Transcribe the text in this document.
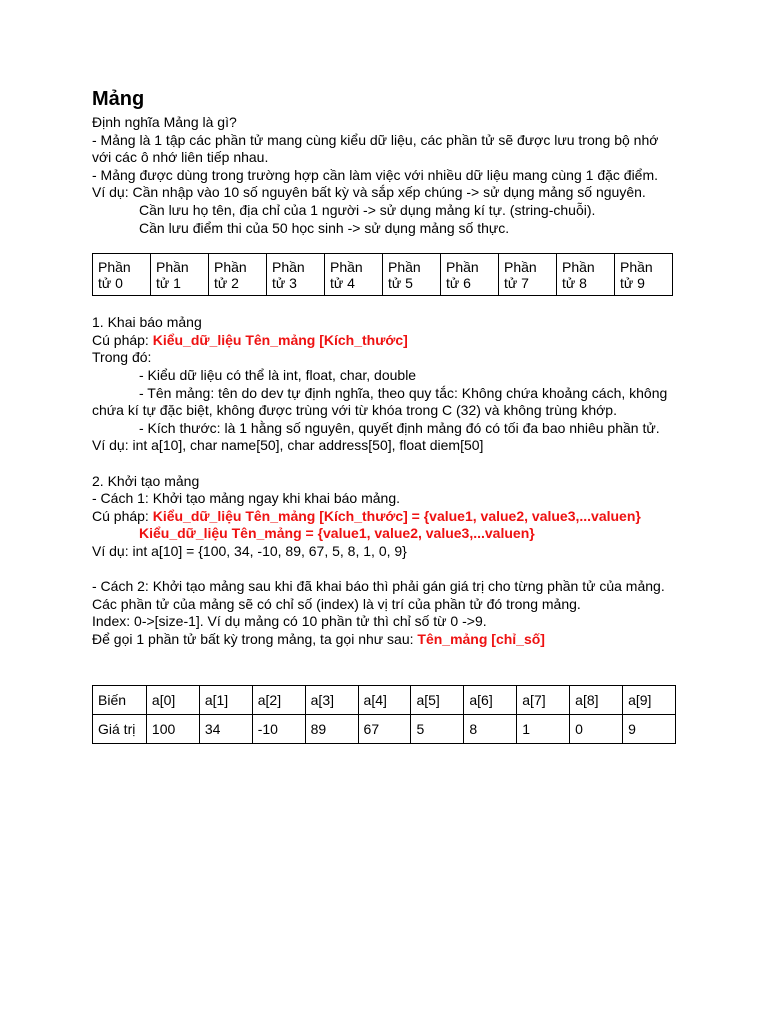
Mảng
Định nghĩa Mảng là gì?
- Mảng là 1 tập các phần tử mang cùng kiểu dữ liệu, các phần tử sẽ được lưu trong bộ nhớ
với các ô nhớ liên tiếp nhau.
- Mảng được dùng trong trường hợp cần làm việc với nhiều dữ liệu mang cùng 1 đặc điểm.
Ví dụ: Cần nhập vào 10 số nguyên bất kỳ và sắp xếp chúng -> sử dụng mảng số nguyên.
Cần lưu họ tên, địa chỉ của 1 người -> sử dụng mảng kí tự. (string-chuỗi).
Cần lưu điểm thi của 50 học sinh -> sử dụng mảng số thực.
Phần
tử 0	Phần
tử 1	Phần
tử 2	Phần
tử 3	Phần
tử 4	Phần
tử 5	Phần
tử 6	Phần
tử 7	Phần
tử 8	Phần
tử 9
1. Khai báo mảng
Cú pháp: Kiểu_dữ_liệu Tên_mảng [Kích_thước]
Trong đó:
- Kiểu dữ liệu có thể là int, float, char, double
- Tên mảng: tên do dev tự định nghĩa, theo quy tắc: Không chứa khoảng cách, không
chứa kí tự đặc biệt, không được trùng với từ khóa trong C (32) và không trùng khớp.
- Kích thước: là 1 hằng số nguyên, quyết định mảng đó có tối đa bao nhiêu phần tử.
Ví dụ: int a[10], char name[50], char address[50], float diem[50]
2. Khởi tạo mảng
- Cách 1: Khởi tạo mảng ngay khi khai báo mảng.
Cú pháp: Kiểu_dữ_liệu Tên_mảng [Kích_thước] = {value1, value2, value3,...valuen}
Kiểu_dữ_liệu Tên_mảng = {value1, value2, value3,...valuen}
Ví dụ: int a[10] = {100, 34, -10, 89, 67, 5, 8, 1, 0, 9}
- Cách 2: Khởi tạo mảng sau khi đã khai báo thì phải gán giá trị cho từng phần tử của mảng.
Các phần tử của mảng sẽ có chỉ số (index) là vị trí của phần tử đó trong mảng.
Index: 0->[size-1]. Ví dụ mảng có 10 phần tử thì chỉ số từ 0 ->9.
Để gọi 1 phần tử bất kỳ trong mảng, ta gọi như sau: Tên_mảng [chỉ_số]
Biến	a[0]	a[1]	a[2]	a[3]	a[4]	a[5]	a[6]	a[7]	a[8]	a[9]
Giá trị	100	34	-10	89	67	5	8	1	0	9
